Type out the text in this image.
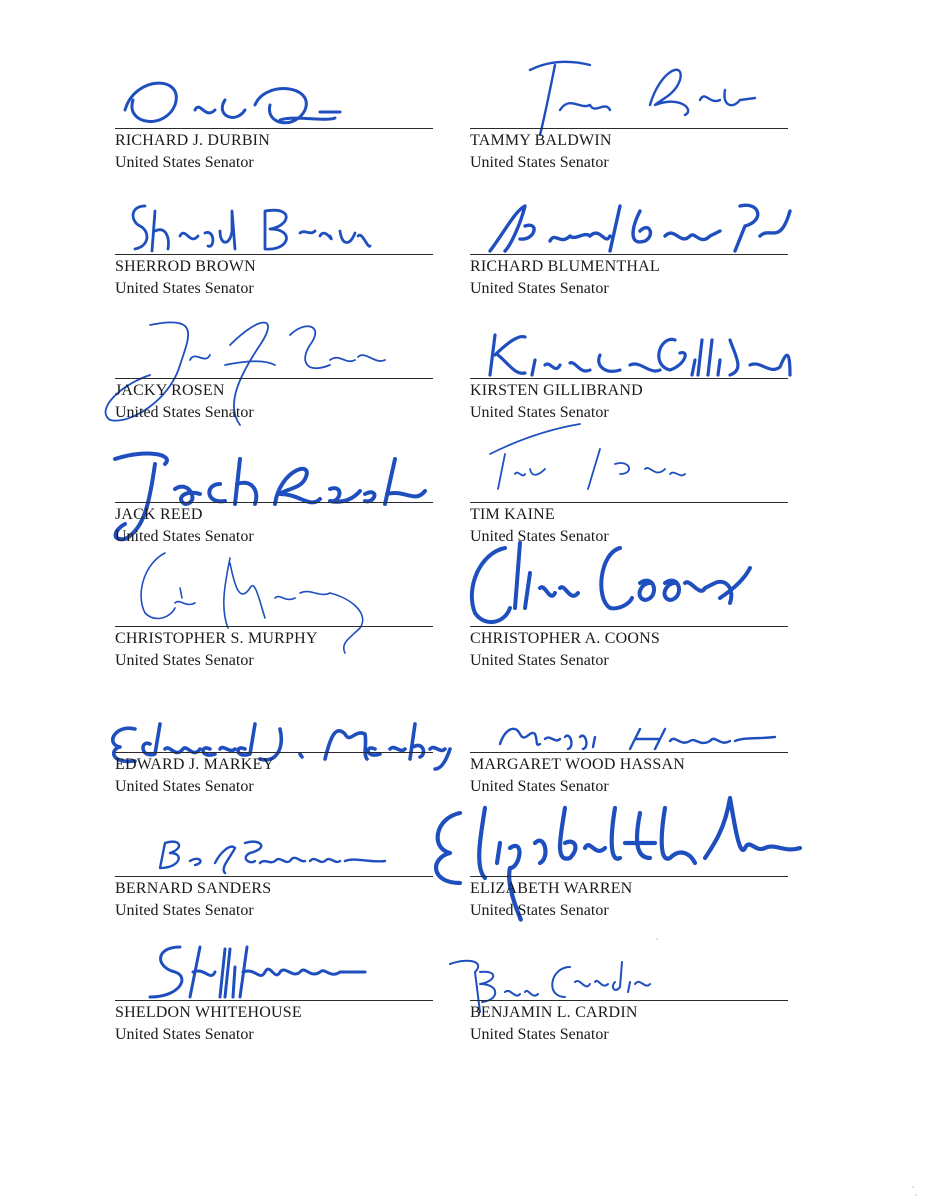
RICHARD J. DURBIN
United States Senator
TAMMY BALDWIN
United States Senator
SHERROD BROWN
United States Senator
RICHARD BLUMENTHAL
United States Senator
JACKY ROSEN
United States Senator
KIRSTEN GILLIBRAND
United States Senator
JACK REED
United States Senator
TIM KAINE
United States Senator
CHRISTOPHER S. MURPHY
United States Senator
CHRISTOPHER A. COONS
United States Senator
EDWARD J. MARKEY
United States Senator
MARGARET WOOD HASSAN
United States Senator
BERNARD SANDERS
United States Senator
ELIZABETH WARREN
United States Senator
SHELDON WHITEHOUSE
United States Senator
BENJAMIN L. CARDIN
United States Senator
